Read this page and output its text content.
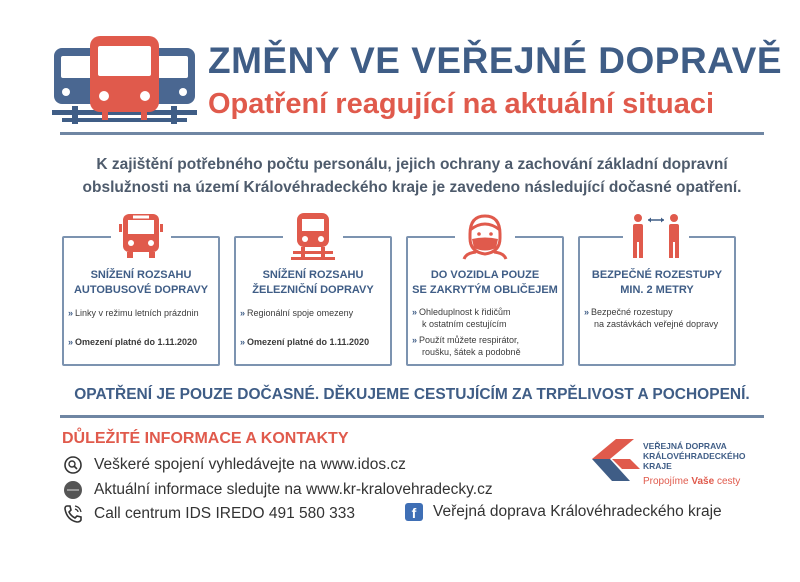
ZMĚNY VE VEŘEJNÉ DOPRAVĚ
Opatření reagující na aktuální situaci
K zajištění potřebného počtu personálu, jejich ochrany a zachování základní dopravní
obslužnosti na území Královéhradeckého kraje je zavedeno následující dočasné opatření.
SNÍŽENÍ ROZSAHU
AUTOBUSOVÉ DOPRAVY
» Linky v režimu letních prázdnin
» Omezení platné do 1.11.2020
SNÍŽENÍ ROZSAHU
ŽELEZNIČNÍ DOPRAVY
» Regionální spoje omezeny
» Omezení platné do 1.11.2020
DO VOZIDLA POUZE
SE ZAKRYTÝM OBLIČEJEM
» Ohleduplnost k řidičům
k ostatním cestujícím
» Použít můžete respirátor,
roušku, šátek a podobně
BEZPEČNÉ ROZESTUPY
MIN. 2 METRY
» Bezpečné rozestupy
na zastávkách veřejné dopravy
OPATŘENÍ JE POUZE DOČASNÉ. DĚKUJEME CESTUJÍCÍM ZA TRPĚLIVOST A POCHOPENÍ.
DŮLEŽITÉ INFORMACE A KONTAKTY
Veškeré spojení vyhledávejte na www.idos.cz
Aktuální informace sledujte na www.kr-kralovehradecky.cz
Call centrum IDS IREDO 491 580 333	f	Veřejná doprava Královéhradeckého kraje
VEŘEJNÁ DOPRAVA
KRÁLOVÉHRADECKÉHO
KRAJE
Propojíme Vaše cesty
